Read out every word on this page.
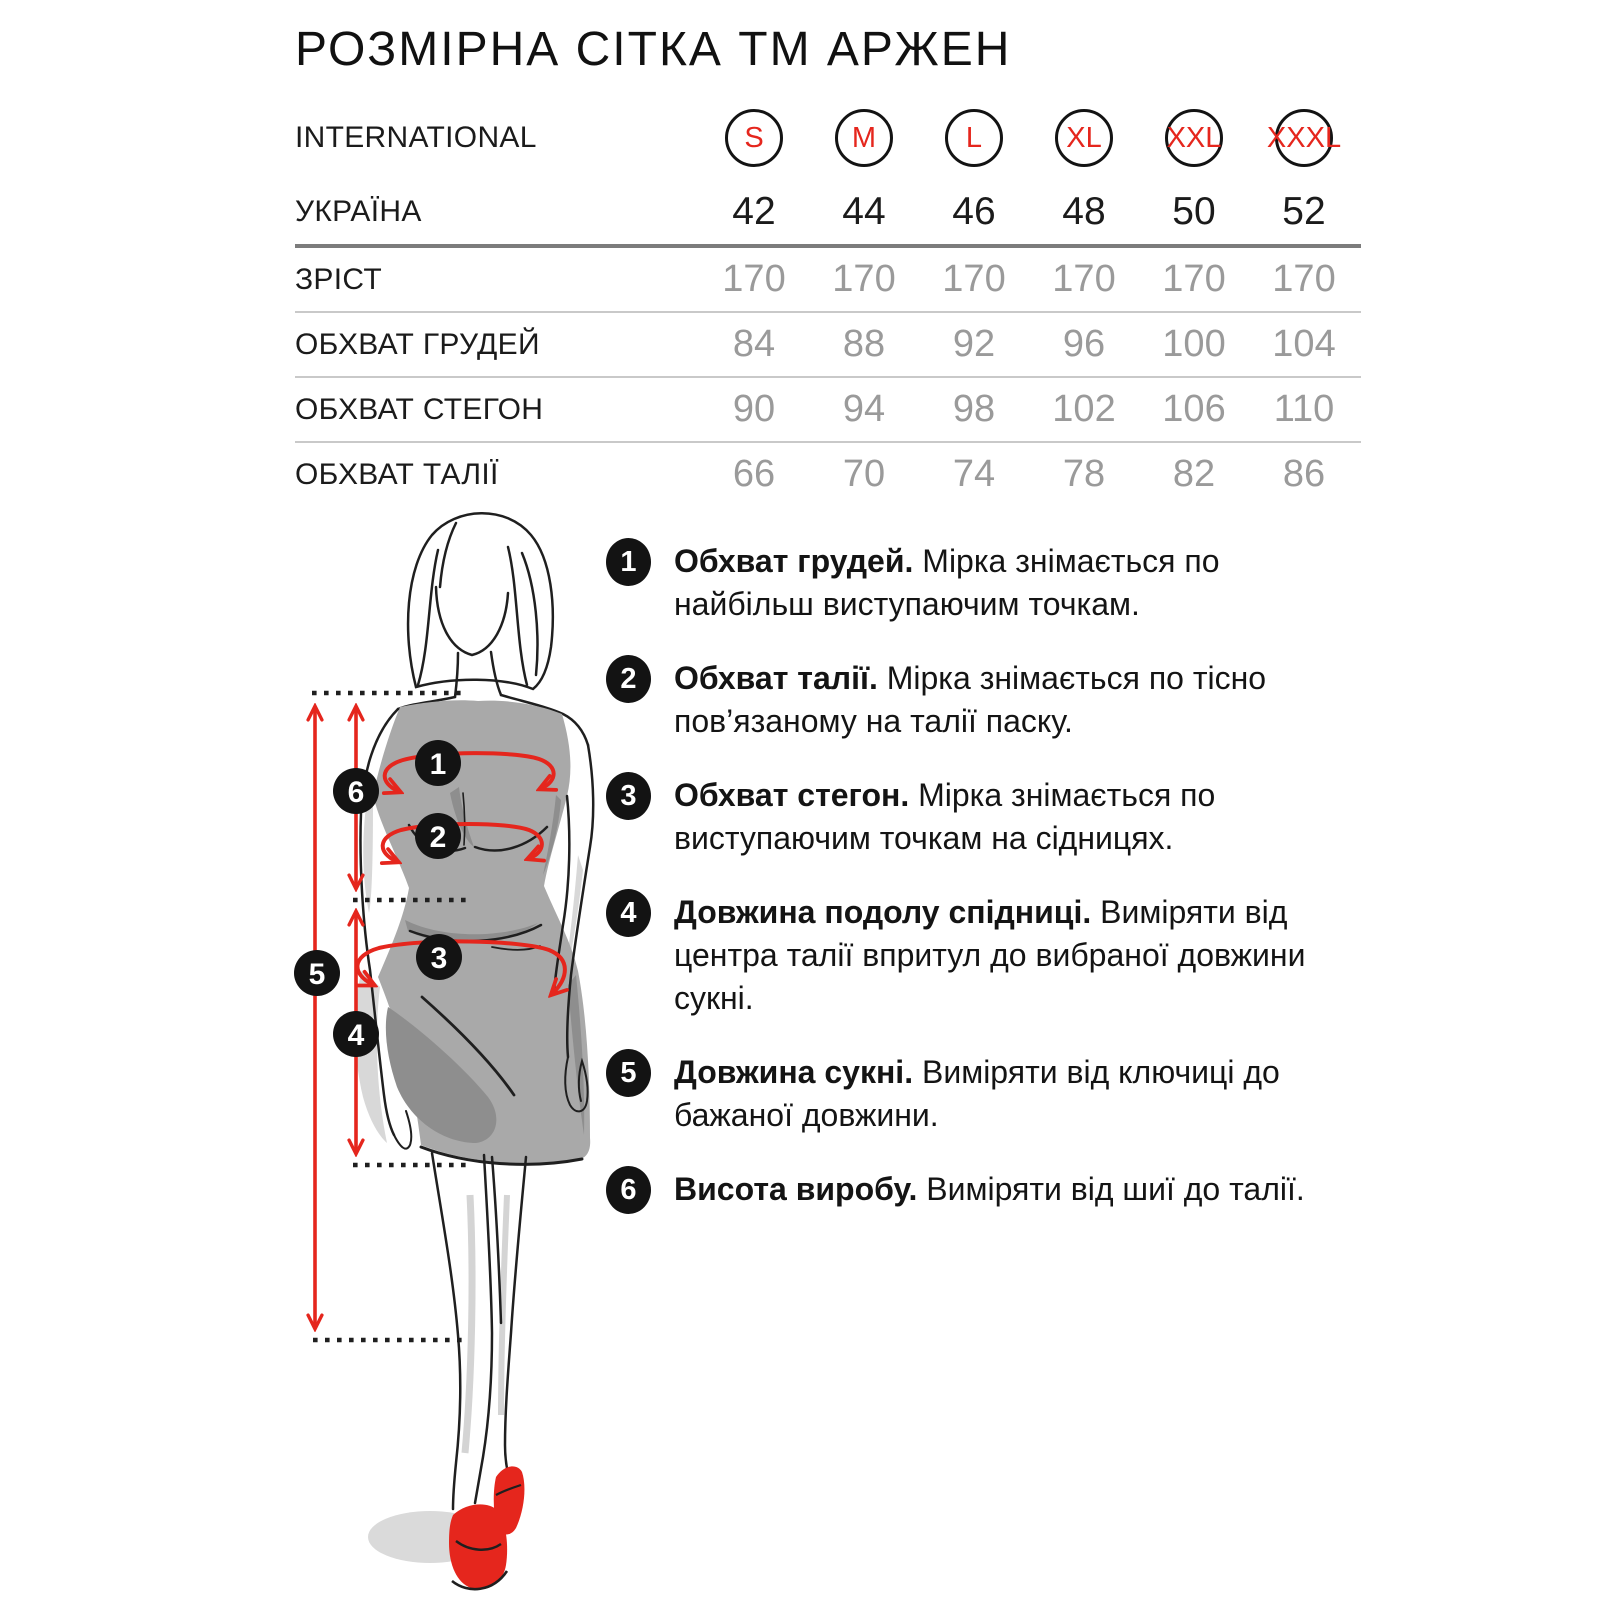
РОЗМІРНА СІТКА ТМ АРЖЕН
INTERNATIONAL	S	M	L	XL	XXL XXXL
УКРАЇНА	42	44	46	48	50	52
ЗРІСТ	170	170	170	170	170	170
ОБХВАТ ГРУДЕЙ	84	88	92	96	100	104
ОБХВАТ СТЕГОН	90	94	98	102	106	110
ОБХВАТ ТАЛІЇ	66	70	74	78	82	86
1
2
3
4
5
6
1	Обхват грудей. Мірка знімається по найбільш виступаючим точкам.

2	Обхват талії. Мірка знімається по тісно пов’язаному на талії паску.

3	Обхват стегон. Мірка знімається по виступаючим точкам на сідницях.

4	Довжина подолу спідниці. Виміряти від центра талії впритул до вибраної довжини сукні.

5	Довжина сукні. Виміряти від ключиці до бажаної довжини.

6	Висота виробу. Виміряти від шиї до талії.
